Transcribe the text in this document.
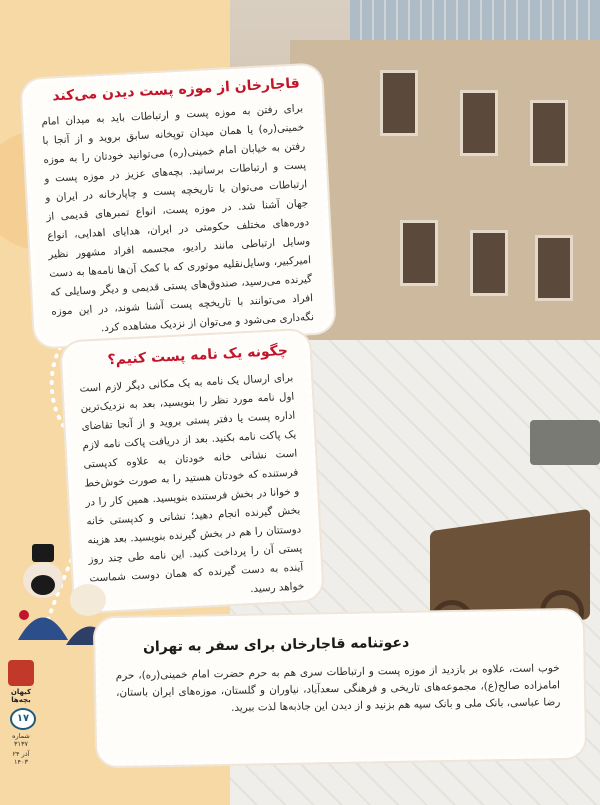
قاجارخان از موزه پست دیدن می‌کند
برای رفتن به موزه پست و ارتباطات باید به میدان امام خمینی(ره) یا همان میدان توپخانه سابق بروید و از آنجا با رفتن به خیابان امام خمینی(ره) می‌توانید خودتان را به موزه پست و ارتباطات برسانید. بچه‌های عزیز در موزه پست و ارتباطات می‌توان با تاریخچه پست و چاپارخانه در ایران و جهان آشنا شد. در موزه پست، انواع تمبرهای قدیمی از دوره‌های مختلف حکومتی در ایران، هدایای اهدایی، انواع وسایل ارتباطی مانند رادیو، مجسمه افراد مشهور نظیر امیرکبیر، وسایل‌نقلیه موتوری که با کمک آن‌ها نامه‌ها به دست گیرنده می‌رسید، صندوق‌های پستی قدیمی و دیگر وسایلی که افراد می‌توانند با تاریخچه پست آشنا شوند، در این موزه نگه‌داری می‌شود و می‌توان از نزدیک مشاهده کرد.
چگونه یک نامه پست کنیم؟
برای ارسال یک نامه به یک مکانی دیگر لازم است اول نامه مورد نظر را بنویسید، بعد به نزدیک‌ترین اداره پست یا دفتر پستی بروید و از آنجا تقاضای یک پاکت نامه بکنید. بعد از دریافت پاکت نامه لازم است نشانی خانه خودتان به علاوه کدپستی فرستنده که خودتان هستید را به صورت خوش‌خط و خوانا در بخش فرستنده بنویسید. همین کار را در بخش گیرنده انجام دهید؛ نشانی و کدپستی خانه دوستتان را هم در بخش گیرنده بنویسید. بعد هزینه پستی آن را پرداخت کنید. این نامه طی چند روز آینده به دست گیرنده که همان دوست شماست خواهد رسید.
دعوتنامه قاجارخان برای سفر به تهران
خوب است، علاوه بر بازدید از موزه پست و ارتباطات سری هم به حرم حضرت امام خمینی(ره)، حرم امامزاده صالح(ع)، مجموعه‌های تاریخی و فرهنگی سعدآباد، نیاوران و گلستان، موزه‌های ایران باستان، رضا عباسی، بانک ملی و بانک سپه هم بزنید و از دیدن این جاذبه‌ها لذت ببرید.
کیهان بچه‌ها
۱۷
شماره
۳۱۳۷
۲۴ آذر
۱۴۰۳
